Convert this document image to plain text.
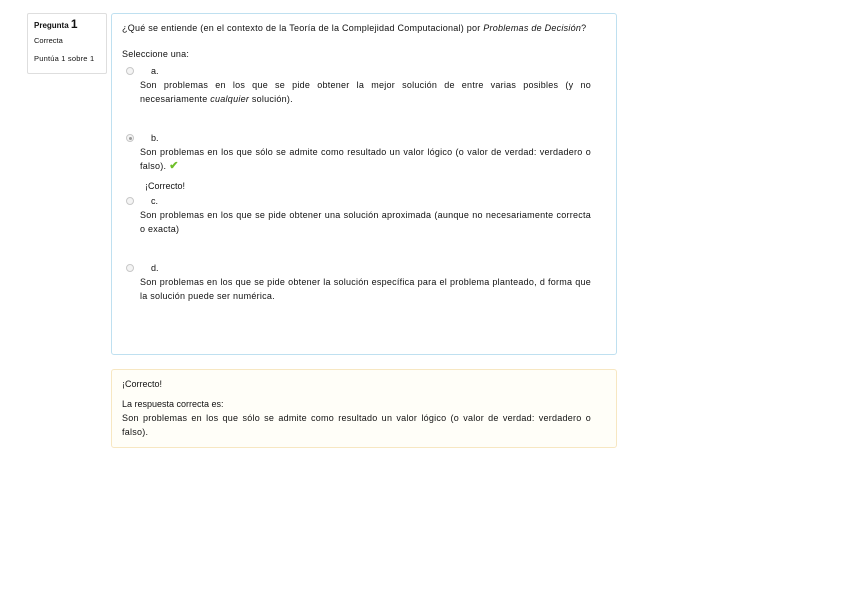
Pregunta 1
Correcta
Puntúa 1 sobre 1
¿Qué se entiende (en el contexto de la Teoría de la Complejidad Computacional) por Problemas de Decisión?
Seleccione una:
a.
Son problemas en los que se pide obtener la mejor solución de entre varias posibles (y no necesariamente cualquier solución).
b.
Son problemas en los que sólo se admite como resultado un valor lógico (o valor de verdad: verdadero o falso). ✔
¡Correcto!
c.
Son problemas en los que se pide obtener una solución aproximada (aunque no necesariamente correcta o exacta)
d.
Son problemas en los que se pide obtener la solución específica para el problema planteado, d forma que la solución puede ser numérica.
¡Correcto!
La respuesta correcta es:
Son problemas en los que sólo se admite como resultado un valor lógico (o valor de verdad: verdadero o falso).
